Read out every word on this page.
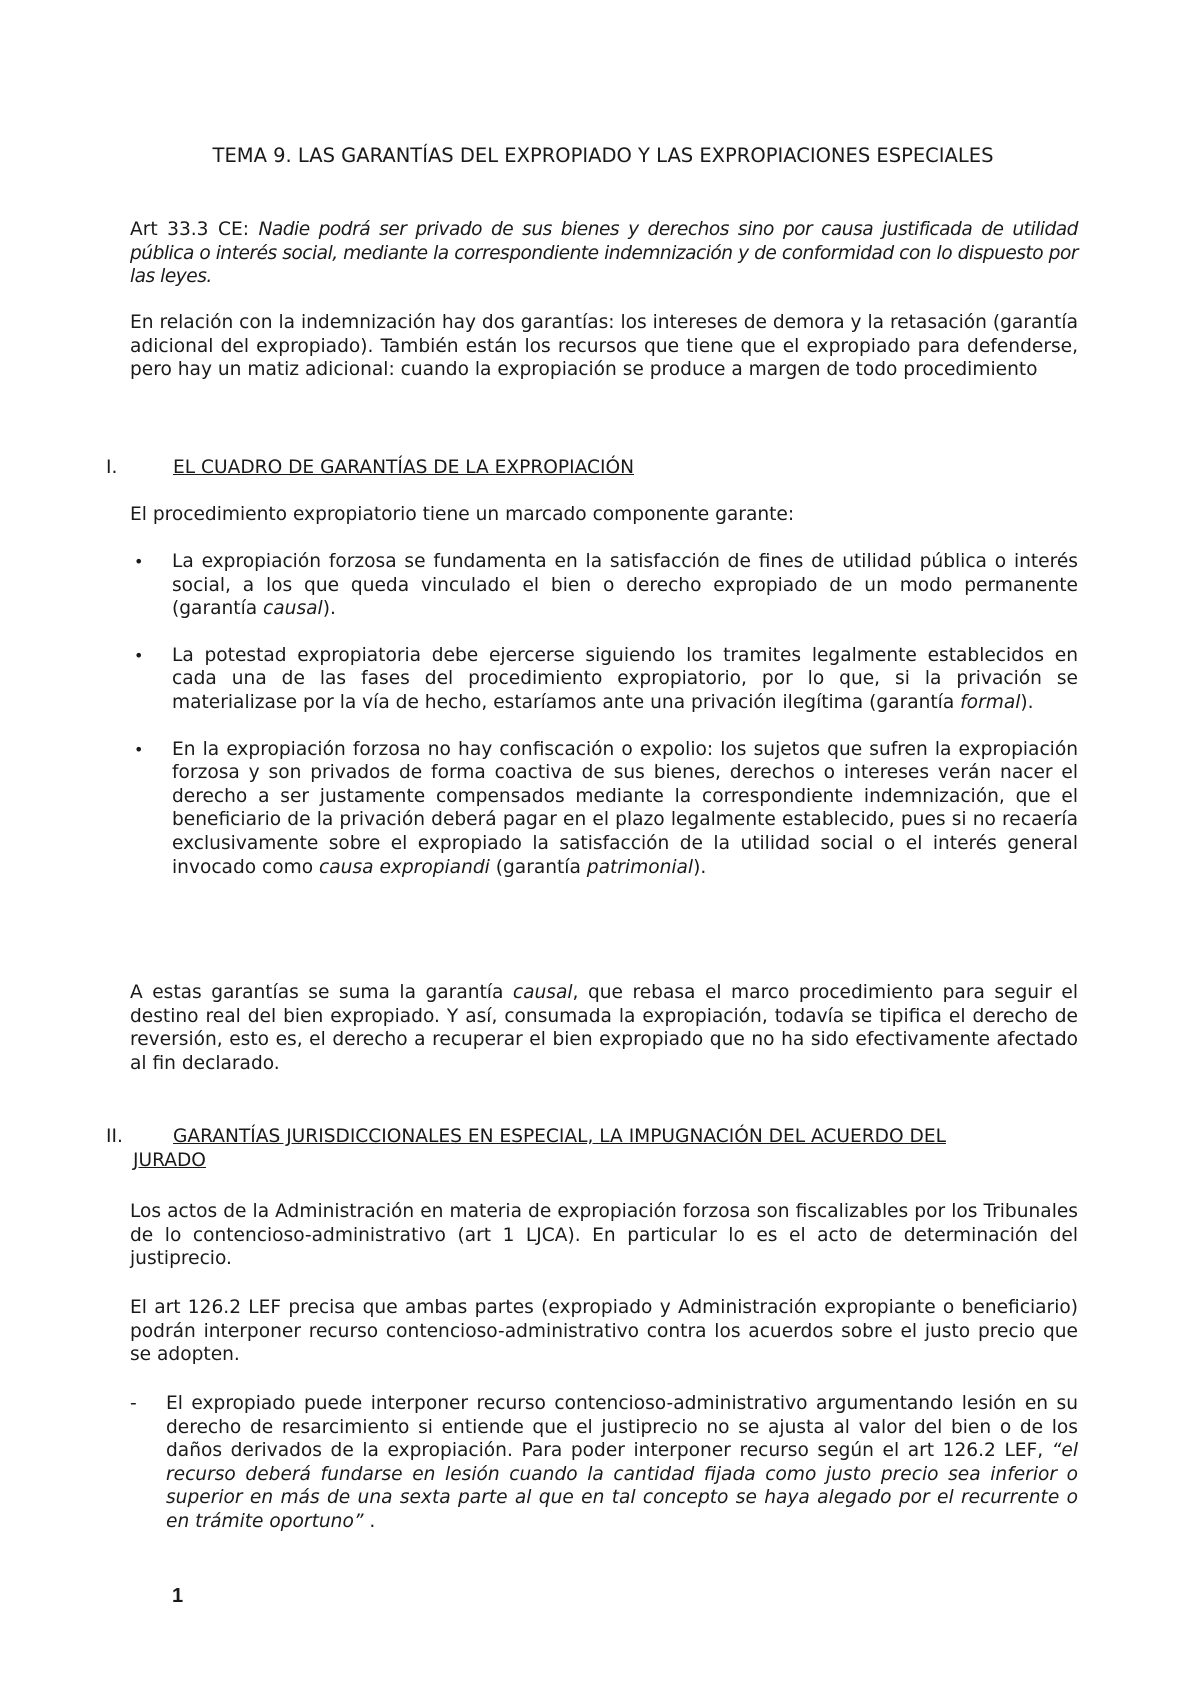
TEMA 9. LAS GARANTÍAS DEL EXPROPIADO Y LAS EXPROPIACIONES ESPECIALES

Art 33.3 CE: Nadie podrá ser privado de sus bienes y derechos sino por causa justificada de utilidad pública o interés social, mediante la correspondiente indemnización y de conformidad con lo dispuesto por las leyes.

En relación con la indemnización hay dos garantías: los intereses de demora y la retasación (garantía adicional del expropiado). También están los recursos que tiene que el expropiado para defenderse, pero hay un matiz adicional: cuando la expropiación se produce a margen de todo procedimiento

I.	EL CUADRO DE GARANTÍAS DE LA EXPROPIACIÓN

El procedimiento expropiatorio tiene un marcado componente garante:

• La expropiación forzosa se fundamenta en la satisfacción de fines de utilidad pública o interés social, a los que queda vinculado el bien o derecho expropiado de un modo permanente (garantía causal).
• La potestad expropiatoria debe ejercerse siguiendo los tramites legalmente establecidos en cada una de las fases del procedimiento expropiatorio, por lo que, si la privación se materializase por la vía de hecho, estaríamos ante una privación ilegítima (garantía formal).
• En la expropiación forzosa no hay confiscación o expolio: los sujetos que sufren la expropiación forzosa y son privados de forma coactiva de sus bienes, derechos o intereses verán nacer el derecho a ser justamente compensados mediante la correspondiente indemnización, que el beneficiario de la privación deberá pagar en el plazo legalmente establecido, pues si no recaería exclusivamente sobre el expropiado la satisfacción de la utilidad social o el interés general invocado como causa expropiandi (garantía patrimonial).

A estas garantías se suma la garantía causal, que rebasa el marco procedimiento para seguir el destino real del bien expropiado. Y así, consumada la expropiación, todavía se tipifica el derecho de reversión, esto es, el derecho a recuperar el bien expropiado que no ha sido efectivamente afectado al fin declarado.

II.	GARANTÍAS JURISDICCIONALES EN ESPECIAL, LA IMPUGNACIÓN DEL ACUERDO DEL
JURADO

Los actos de la Administración en materia de expropiación forzosa son fiscalizables por los Tribunales de lo contencioso-administrativo (art 1 LJCA). En particular lo es el acto de determinación del justiprecio.

El art 126.2 LEF precisa que ambas partes (expropiado y Administración expropiante o beneficiario) podrán interponer recurso contencioso-administrativo contra los acuerdos sobre el justo precio que se adopten.

- El expropiado puede interponer recurso contencioso-administrativo argumentando lesión en su derecho de resarcimiento si entiende que el justiprecio no se ajusta al valor del bien o de los daños derivados de la expropiación. Para poder interponer recurso según el art 126.2 LEF, “el recurso deberá fundarse en lesión cuando la cantidad fijada como justo precio sea inferior o superior en más de una sexta parte al que en tal concepto se haya alegado por el recurrente o en trámite oportuno” .
1
